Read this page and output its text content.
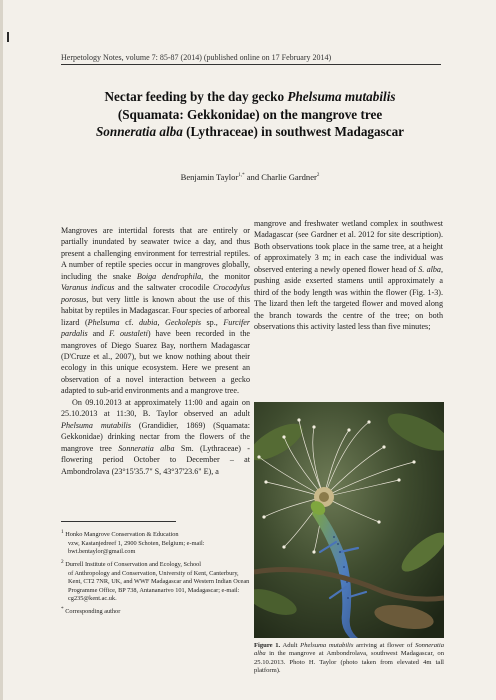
Herpetology Notes, volume 7: 85-87 (2014) (published online on 17 February 2014)
Nectar feeding by the day gecko Phelsuma mutabilis
(Squamata: Gekkonidae) on the mangrove tree
Sonneratia alba (Lythraceae) in southwest Madagascar
Benjamin Taylor$^{1,*}$ and Charlie Gardner$^2$

Mangroves are intertidal forests that are entirely or partially inundated by seawater twice a day, and thus present a challenging environment for terrestrial reptiles. A number of reptile species occur in mangroves globally, including the snake Boiga dendrophila, the monitor Varanus indicus and the saltwater crocodile Crocodylus porosus, but very little is known about the use of this habitat by reptiles in Madagascar. Four species of arboreal lizard (Phelsuma cf. dubia, Geckolepis sp., Furcifer pardalis and F. oustaleti) have been recorded in the mangroves of Diego Suarez Bay, northern Madagascar (D'Cruze et al., 2007), but we know nothing about their ecology in this unique ecosystem. Here we present an observation of a novel interaction between a gecko adapted to sub-arid environments and a mangrove tree.

On 09.10.2013 at approximately 11:00 and again on 25.10.2013 at 11:30, B. Taylor observed an adult Phelsuma mutabilis (Grandidier, 1869) (Squamata: Gekkonidae) drinking nectar from the flowers of the mangrove tree Sonneratia alba Sm. (Lythraceae) - flowering period October to December – at Ambondrolava (23°15'35.7" S, 43°37'23.6" E), a

mangrove and freshwater wetland complex in southwest Madagascar (see Gardner et al. 2012 for site description). Both observations took place in the same tree, at a height of approximately 3 m; in each case the individual was observed entering a newly opened flower head of S. alba, pushing aside exserted stamens until approximately a third of the body length was within the flower (Fig. 1-3). The lizard then left the targeted flower and moved along the branch towards the centre of the tree; on both observations this activity lasted less than five minutes;

$^1$ Honko Mangrove Conservation & Education
vzw, Kastanjedreef 1, 2900 Schoten, Belgium; e-mail: bwt.bentaylor@gmail.com

$^2$ Durrell Institute of Conservation and Ecology, School
of Anthropology and Conservation, University of Kent, Canterbury, Kent, CT2 7NR, UK, and WWF Madagascar and Western Indian Ocean Programme Office, BP 738, Antananarivo 101, Madagascar; e-mail: cg235@kent.ac.uk.

* Corresponding author

Figure 1. Adult Phelsuma mutabilis arriving at flower of Sonneratia alba in the mangrove at Ambondrolava, southwest Madagascar, on 25.10.2013. Photo H. Taylor (photo taken from elevated 4m tall platform).
